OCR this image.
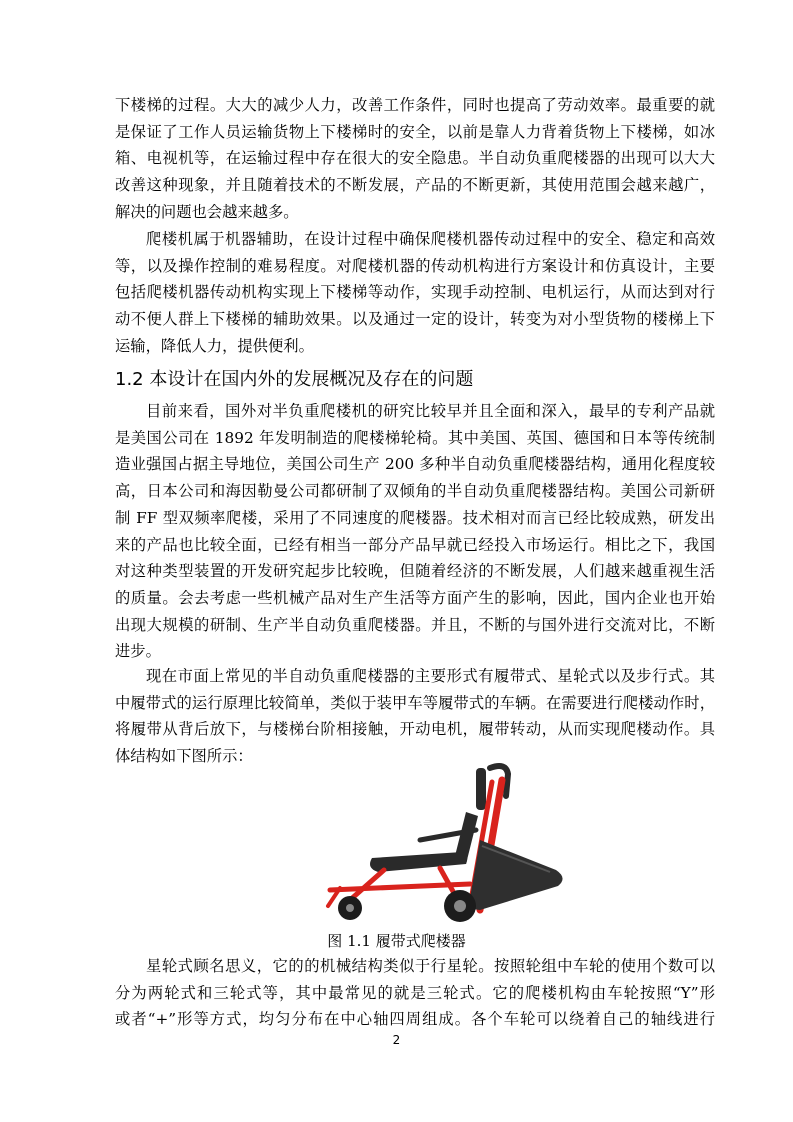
下楼梯的过程。大大的减少人力，改善工作条件，同时也提高了劳动效率。最重要的就
是保证了工作人员运输货物上下楼梯时的安全，以前是靠人力背着货物上下楼梯，如冰
箱、电视机等，在运输过程中存在很大的安全隐患。半自动负重爬楼器的出现可以大大
改善这种现象，并且随着技术的不断发展，产品的不断更新，其使用范围会越来越广，
解决的问题也会越来越多。
爬楼机属于机器辅助，在设计过程中确保爬楼机器传动过程中的安全、稳定和高效
等，以及操作控制的难易程度。对爬楼机器的传动机构进行方案设计和仿真设计，主要
包括爬楼机器传动机构实现上下楼梯等动作，实现手动控制、电机运行，从而达到对行
动不便人群上下楼梯的辅助效果。以及通过一定的设计，转变为对小型货物的楼梯上下
运输，降低人力，提供便利。
1.2 本设计在国内外的发展概况及存在的问题
目前来看，国外对半负重爬楼机的研究比较早并且全面和深入，最早的专利产品就
是美国公司在 1892 年发明制造的爬楼梯轮椅。其中美国、英国、德国和日本等传统制
造业强国占据主导地位，美国公司生产 200 多种半自动负重爬楼器结构，通用化程度较
高，日本公司和海因勒曼公司都研制了双倾角的半自动负重爬楼器结构。美国公司新研
制 FF 型双频率爬楼，采用了不同速度的爬楼器。技术相对而言已经比较成熟，研发出
来的产品也比较全面，已经有相当一部分产品早就已经投入市场运行。相比之下，我国
对这种类型装置的开发研究起步比较晚，但随着经济的不断发展，人们越来越重视生活
的质量。会去考虑一些机械产品对生产生活等方面产生的影响，因此，国内企业也开始
出现大规模的研制、生产半自动负重爬楼器。并且，不断的与国外进行交流对比，不断
进步。
现在市面上常见的半自动负重爬楼器的主要形式有履带式、星轮式以及步行式。其
中履带式的运行原理比较简单，类似于装甲车等履带式的车辆。在需要进行爬楼动作时，
将履带从背后放下，与楼梯台阶相接触，开动电机，履带转动，从而实现爬楼动作。具
体结构如下图所示：
图 1.1 履带式爬楼器
星轮式顾名思义，它的的机械结构类似于行星轮。按照轮组中车轮的使用个数可以
分为两轮式和三轮式等，其中最常见的就是三轮式。它的爬楼机构由车轮按照“Y”形
或者“+”形等方式，均匀分布在中心轴四周组成。各个车轮可以绕着自己的轴线进行
2
